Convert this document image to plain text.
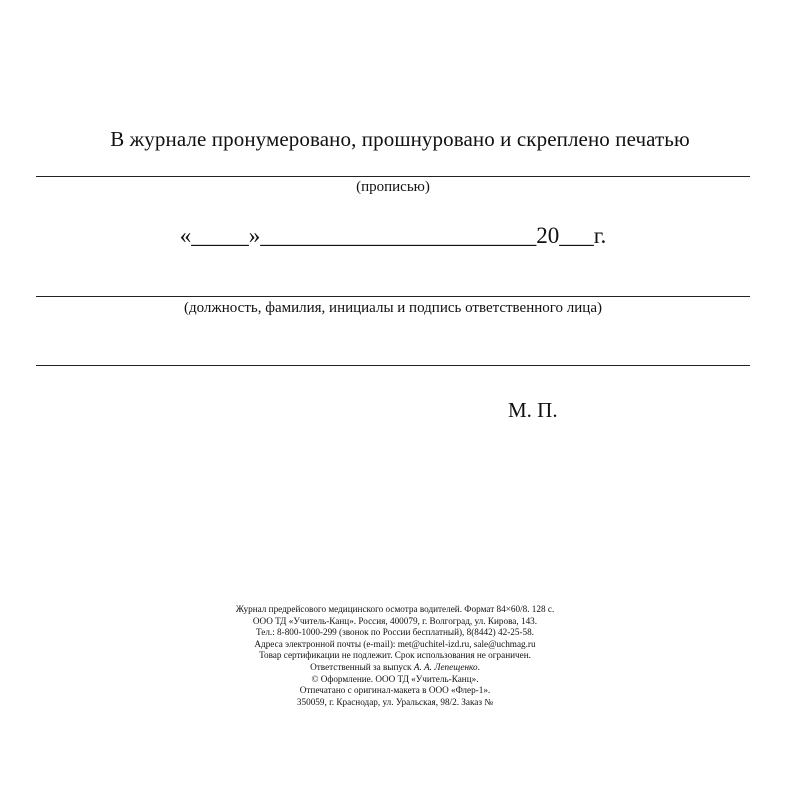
В журнале пронумеровано, прошнуровано и скреплено печатью
(прописью)
«_____»________________________20___г.
(должность, фамилия, инициалы и подпись ответственного лица)
М. П.
Журнал предрейсового медицинского осмотра водителей. Формат 84×60/8. 128 с.
ООО ТД «Учитель-Канц». Россия, 400079, г. Волгоград, ул. Кирова, 143.
Тел.: 8-800-1000-299 (звонок по России бесплатный), 8(8442) 42-25-58.
Адреса электронной почты (e-mail): met@uchitel-izd.ru, sale@uchmag.ru
Товар сертификации не подлежит. Срок использования не ограничен.
Ответственный за выпуск А. А. Лепещенко.
© Оформление. ООО ТД «Учитель-Канц».
Отпечатано с оригинал-макета в ООО «Флер-1».
350059, г. Краснодар, ул. Уральская, 98/2. Заказ №
